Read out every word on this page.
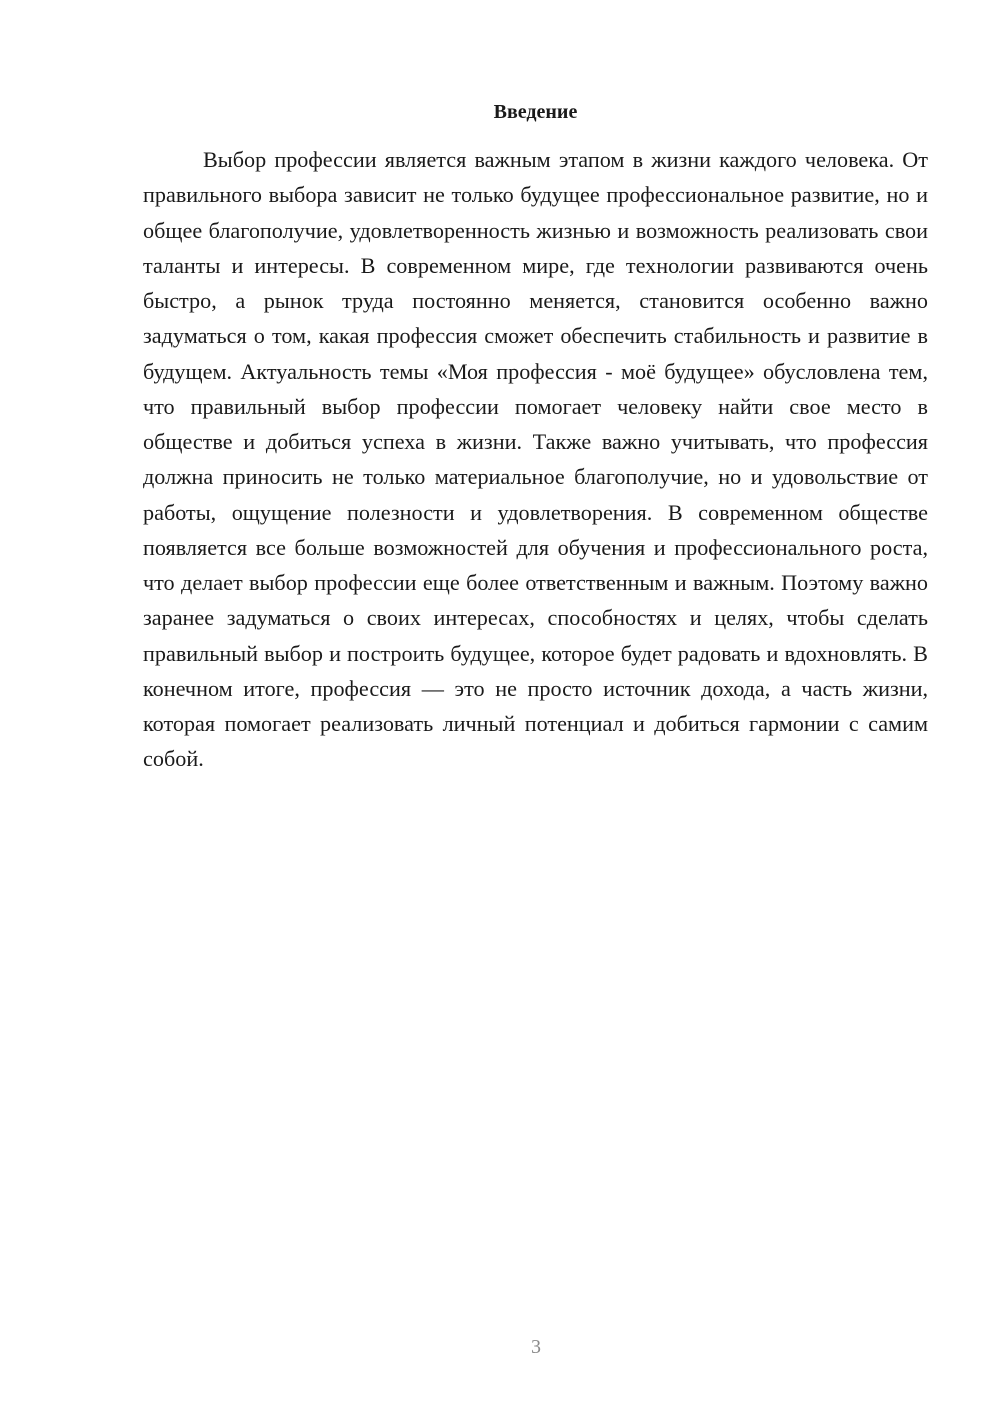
Введение

Выбор профессии является важным этапом в жизни каждого человека. От правильного выбора зависит не только будущее профессиональное развитие, но и общее благополучие, удовлетворенность жизнью и возможность реализовать свои таланты и интересы. В современном мире, где технологии развиваются очень быстро, а рынок труда постоянно меняется, становится особенно важно задуматься о том, какая профессия сможет обеспечить стабильность и развитие в будущем. Актуальность темы «Моя профессия - моё будущее» обусловлена тем, что правильный выбор профессии помогает человеку найти свое место в обществе и добиться успеха в жизни. Также важно учитывать, что профессия должна приносить не только материальное благополучие, но и удовольствие от работы, ощущение полезности и удовлетворения. В современном обществе появляется все больше возможностей для обучения и профессионального роста, что делает выбор профессии еще более ответственным и важным. Поэтому важно заранее задуматься о своих интересах, способностях и целях, чтобы сделать правильный выбор и построить будущее, которое будет радовать и вдохновлять. В конечном итоге, профессия — это не просто источник дохода, а часть жизни, которая помогает реализовать личный потенциал и добиться гармонии с самим собой.

3
